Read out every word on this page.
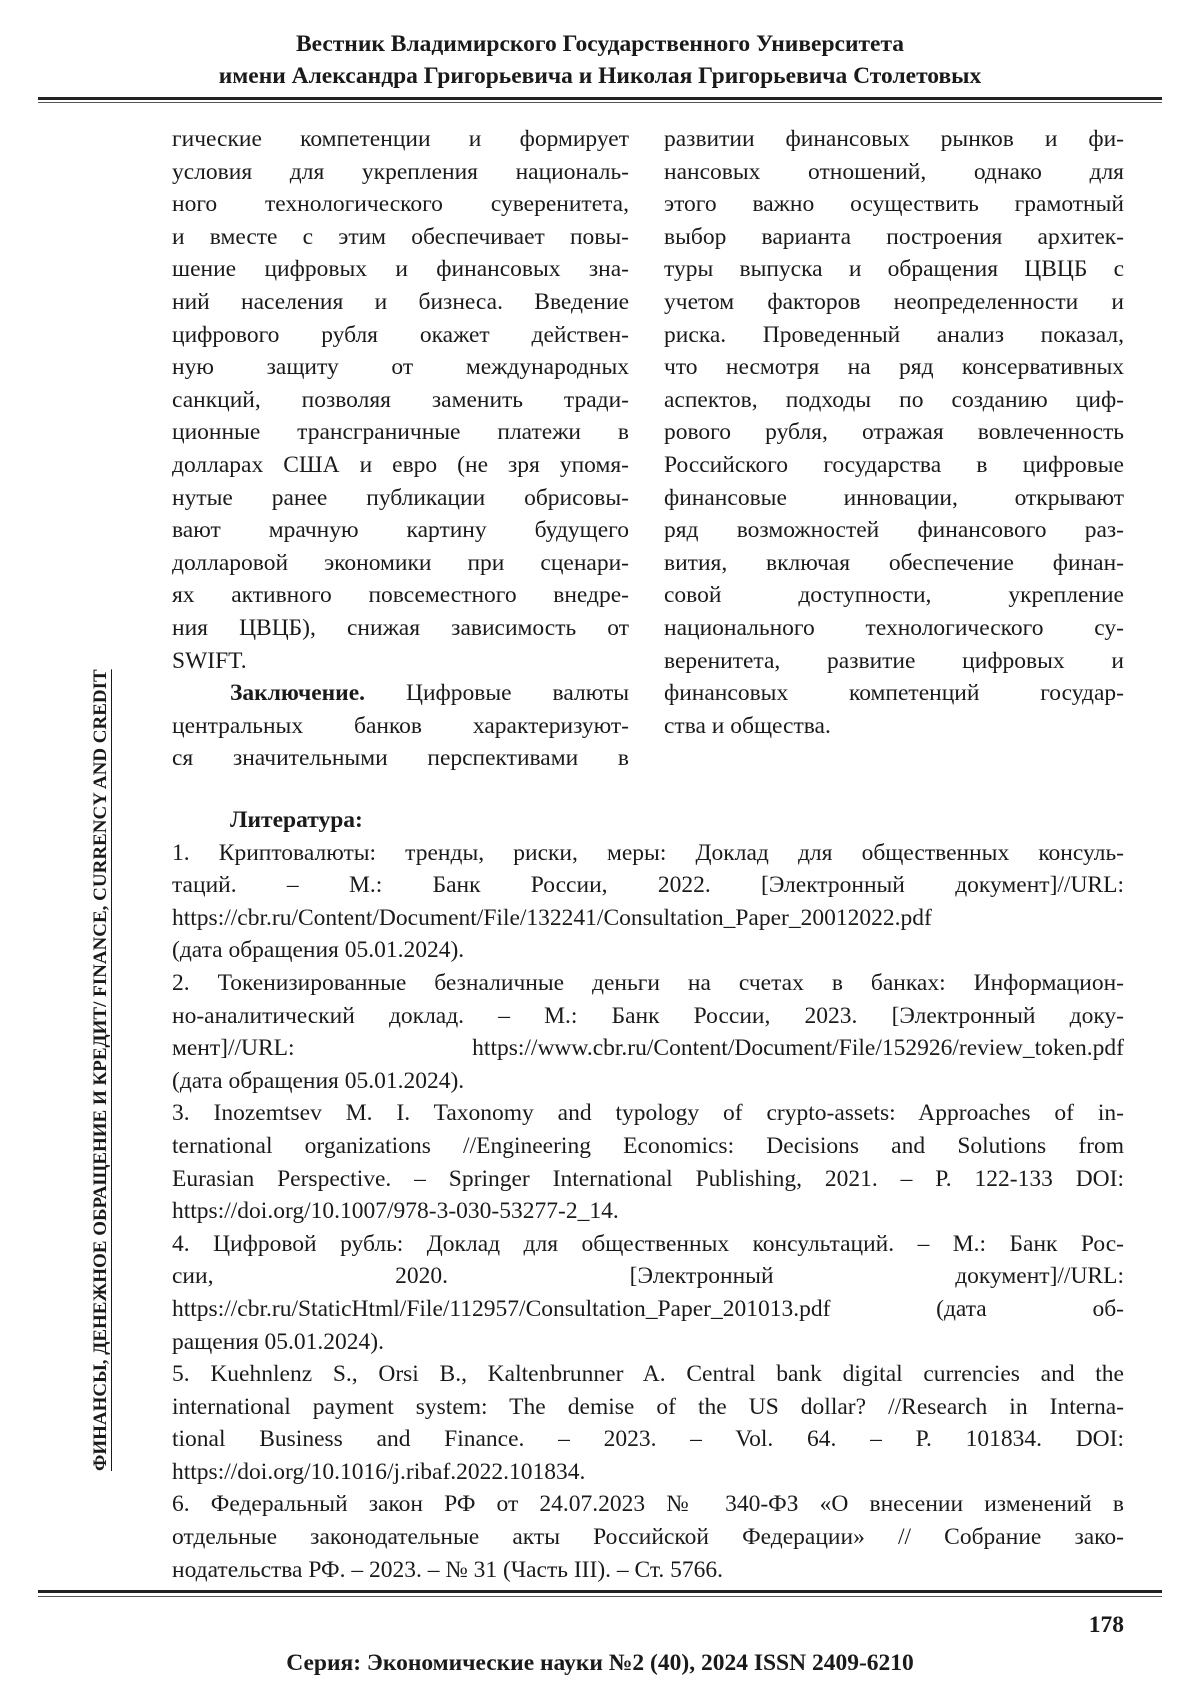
Вестник Владимирского Государственного Университета
имени Александра Григорьевича и Николая Григорьевича Столетовых
ФИНАНСЫ, ДЕНЕЖНОЕ ОБРАЩЕНИЕ И КРЕДИТ/ FINANCE, CURRENCY AND CREDIT
гические компетенции и формирует
условия для укрепления националь-
ного технологического суверенитета,
и вместе с этим обеспечивает повы-
шение цифровых и финансовых зна-
ний населения и бизнеса. Введение
цифрового рубля окажет действен-
ную защиту от международных
санкций, позволяя заменить тради-
ционные трансграничные платежи в
долларах США и евро (не зря упомя-
нутые ранее публикации обрисовы-
вают мрачную картину будущего
долларовой экономики при сценари-
ях активного повсеместного внедре-
ния ЦВЦБ), снижая зависимость от
SWIFT.
Заключение. Цифровые валюты
центральных банков характеризуют-
ся значительными перспективами в
развитии финансовых рынков и фи-
нансовых отношений, однако для
этого важно осуществить грамотный
выбор варианта построения архитек-
туры выпуска и обращения ЦВЦБ с
учетом факторов неопределенности и
риска. Проведенный анализ показал,
что несмотря на ряд консервативных
аспектов, подходы по созданию циф-
рового рубля, отражая вовлеченность
Российского государства в цифровые
финансовые инновации, открывают
ряд возможностей финансового раз-
вития, включая обеспечение финан-
совой доступности, укрепление
национального технологического су-
веренитета, развитие цифровых и
финансовых компетенций государ-
ства и общества.
Литература:
1. Криптовалюты: тренды, риски, меры: Доклад для общественных консуль-
таций. – М.: Банк России, 2022. [Электронный документ]//URL:
https://cbr.ru/Content/Document/File/132241/Consultation_Paper_20012022.pdf
(дата обращения 05.01.2024).
2. Токенизированные безналичные деньги на счетах в банках: Информацион-
но-аналитический доклад. – М.: Банк России, 2023. [Электронный доку-
мент]//URL: https://www.cbr.ru/Content/Document/File/152926/review_token.pdf
(дата обращения 05.01.2024).
3. Inozemtsev M. I. Taxonomy and typology of crypto-assets: Approaches of in-
ternational organizations //Engineering Economics: Decisions and Solutions from
Eurasian Perspective. – Springer International Publishing, 2021. – P. 122-133 DOI:
https://doi.org/10.1007/978-3-030-53277-2_14.
4. Цифровой рубль: Доклад для общественных консультаций. – М.: Банк Рос-
сии, 2020. [Электронный документ]//URL:
https://cbr.ru/StaticHtml/File/112957/Consultation_Paper_201013.pdf (дата об-
ращения 05.01.2024).
5. Kuehnlenz S., Orsi B., Kaltenbrunner A. Central bank digital currencies and the
international payment system: The demise of the US dollar? //Research in Interna-
tional Business and Finance. – 2023. – Vol. 64. – P. 101834. DOI:
https://doi.org/10.1016/j.ribaf.2022.101834.
6. Федеральный закон РФ от 24.07.2023 № 340-ФЗ «О внесении изменений в
отдельные законодательные акты Российской Федерации» // Собрание зако-
нодательства РФ. – 2023. – № 31 (Часть III). – Ст. 5766.
178
Серия: Экономические науки №2 (40), 2024 ISSN 2409-6210
